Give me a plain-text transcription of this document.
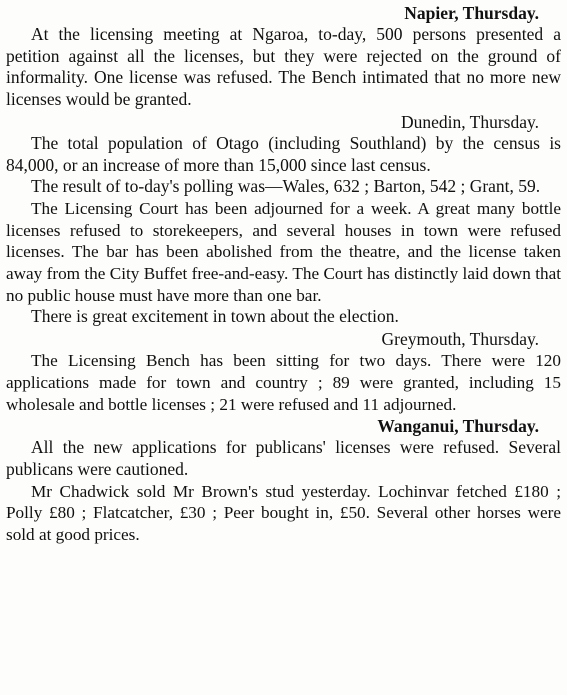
Napier, Thursday.

At the licensing meeting at Ngaroa, to-day, 500 persons presented a petition against all the licenses, but they were rejected on the ground of informality. One license was refused. The Bench intimated that no more new licenses would be granted.

Dunedin, Thursday.

The total population of Otago (including Southland) by the census is 84,000, or an increase of more than 15,000 since last census.

The result of to-day's polling was—Wales, 632 ; Barton, 542 ; Grant, 59.

The Licensing Court has been adjourned for a week. A great many bottle licenses refused to storekeepers, and several houses in town were refused licenses. The bar has been abolished from the theatre, and the license taken away from the City Buffet free-and-easy. The Court has distinctly laid down that no public house must have more than one bar.

There is great excitement in town about the election.

Greymouth, Thursday.

The Licensing Bench has been sitting for two days. There were 120 applications made for town and country ; 89 were granted, including 15 wholesale and bottle licenses ; 21 were refused and 11 adjourned.

Wanganui, Thursday.

All the new applications for publicans' licenses were refused. Several publicans were cautioned.

Mr Chadwick sold Mr Brown's stud yesterday. Lochinvar fetched £180 ; Polly £80 ; Flatcatcher, £30 ; Peer bought in, £50. Several other horses were sold at good prices.
